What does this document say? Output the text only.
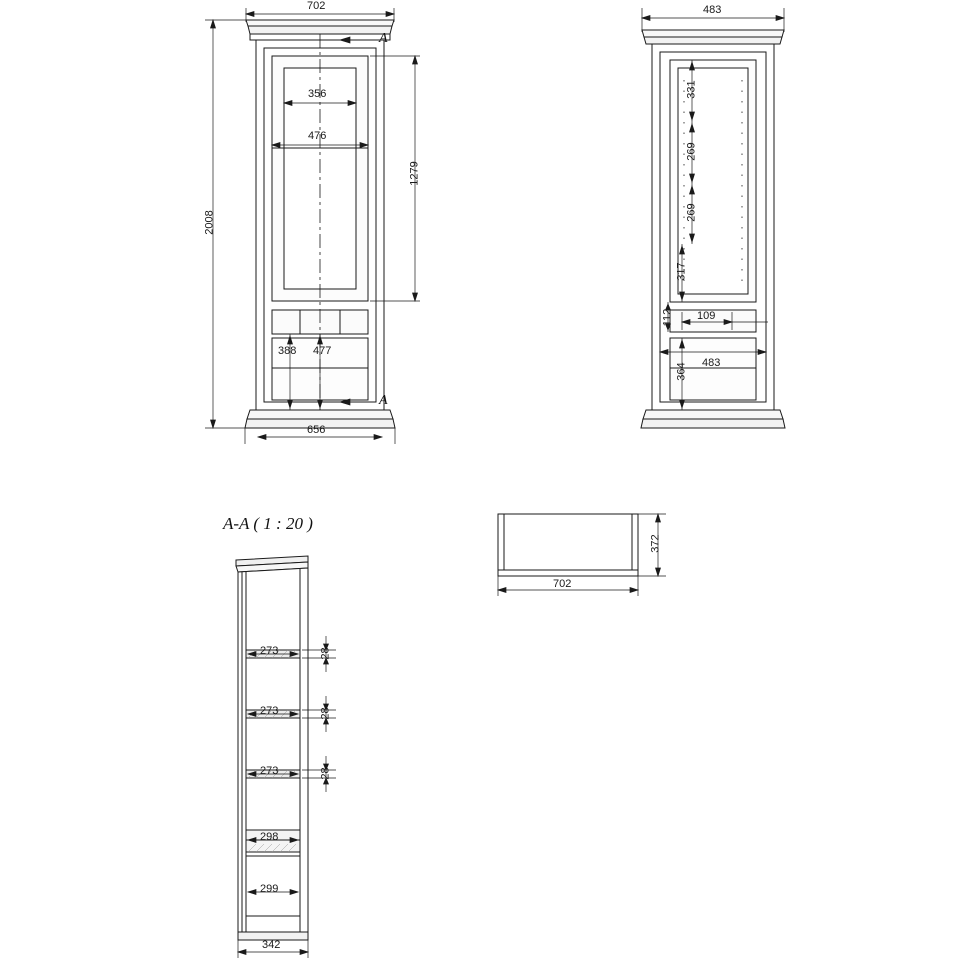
702
2008
356
476
1279
388 477
656
A
A
483
331
269
269
317
112 109
364 483
A-A ( 1 : 20 )
273	28
273	28
273	28
298
299
342
372
702
